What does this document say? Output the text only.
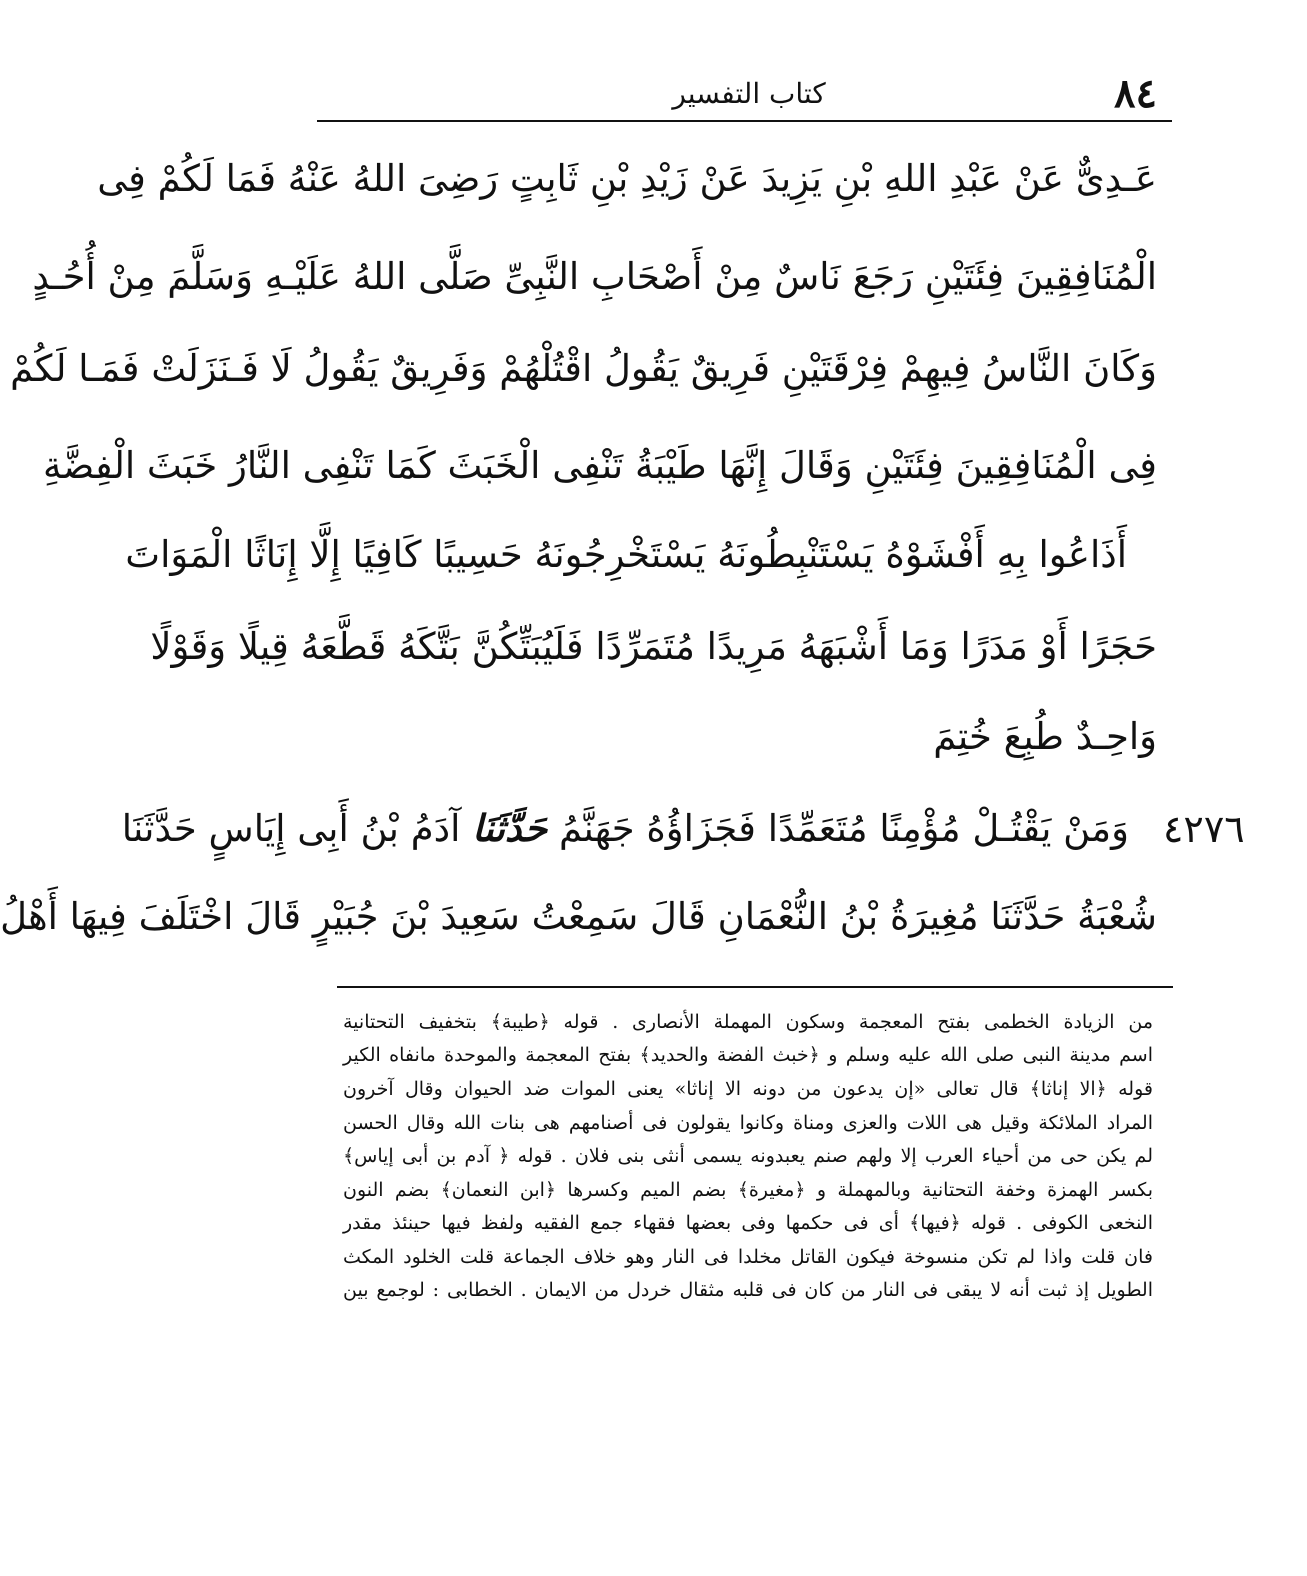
٨٤
كتاب التفسير
عَـدِىٌّ عَنْ عَبْدِ اللهِ بْنِ يَزِيدَ عَنْ زَيْدِ بْنِ ثَابِتٍ رَضِىَ اللهُ عَنْهُ فَمَا لَكُمْ فِى
الْمُنَافِقِينَ فِئَتَيْنِ رَجَعَ نَاسٌ مِنْ أَصْحَابِ النَّبِىِّ صَلَّى اللهُ عَلَيْـهِ وَسَلَّمَ مِنْ أُحُـدٍ
وَكَانَ النَّاسُ فِيهِمْ فِرْقَتَيْنِ فَرِيقٌ يَقُولُ اقْتُلْهُمْ وَفَرِيقٌ يَقُولُ لَا فَـنَزَلَتْ فَمَـا لَكُمْ
فِى الْمُنَافِقِينَ فِئَتَيْنِ وَقَالَ إِنَّهَا طَيْبَةُ تَنْفِى الْخَبَثَ كَمَا تَنْفِى النَّارُ خَبَثَ الْفِضَّةِ
أَذَاعُوا بِهِ أَفْشَوْهُ يَسْتَنْبِطُونَهُ يَسْتَخْرِجُونَهُ حَسِيبًا كَافِيًا إِلَّا إِنَاثًا الْمَوَاتَ
حَجَرًا أَوْ مَدَرًا وَمَا أَشْبَهَهُ مَرِيدًا مُتَمَرِّدًا فَلَيُبَتِّكُنَّ بَتَّكَهُ قَطَّعَهُ قِيلًا وَقَوْلًا
وَاحِـدٌ طُبِعَ خُتِمَ
٤٢٧٦
وَمَنْ يَقْتُـلْ مُؤْمِنًا مُتَعَمِّدًا فَجَزَاؤُهُ جَهَنَّمُ حَدَّثَنَا آدَمُ بْنُ أَبِى إِيَاسٍ حَدَّثَنَا
شُعْبَةُ حَدَّثَنَا مُغِيرَةُ بْنُ النُّعْمَانِ قَالَ سَمِعْتُ سَعِيدَ بْنَ جُبَيْرٍ قَالَ اخْتَلَفَ فِيهَا أَهْلُ
من الزيادة الخطمى بفتح المعجمة وسكون المهملة الأنصارى . قوله ﴿طيبة﴾ بتخفيف التحتانية
اسم مدينة النبى صلى الله عليه وسلم و ﴿خبث الفضة والحديد﴾ بفتح المعجمة والموحدة مانفاه الكير
قوله ﴿الا إناثا﴾ قال تعالى «إن يدعون من دونه الا إناثا» يعنى الموات ضد الحيوان وقال آخرون
المراد الملائكة وقيل هى اللات والعزى ومناة وكانوا يقولون فى أصنامهم هى بنات الله وقال الحسن
لم يكن حى من أحياء العرب إلا ولهم صنم يعبدونه يسمى أنثى بنى فلان . قوله ﴿ آدم بن أبى إياس﴾
بكسر الهمزة وخفة التحتانية وبالمهملة و ﴿مغيرة﴾ بضم الميم وكسرها ﴿ابن النعمان﴾ بضم النون
النخعى الكوفى . قوله ﴿فيها﴾ أى فى حكمها وفى بعضها فقهاء جمع الفقيه ولفظ فيها حينئذ مقدر
فان قلت واذا لم تكن منسوخة فيكون القاتل مخلدا فى النار وهو خلاف الجماعة قلت الخلود المكث
الطويل إذ ثبت أنه لا يبقى فى النار من كان فى قلبه مثقال خردل من الايمان . الخطابى : لوجمع بين
